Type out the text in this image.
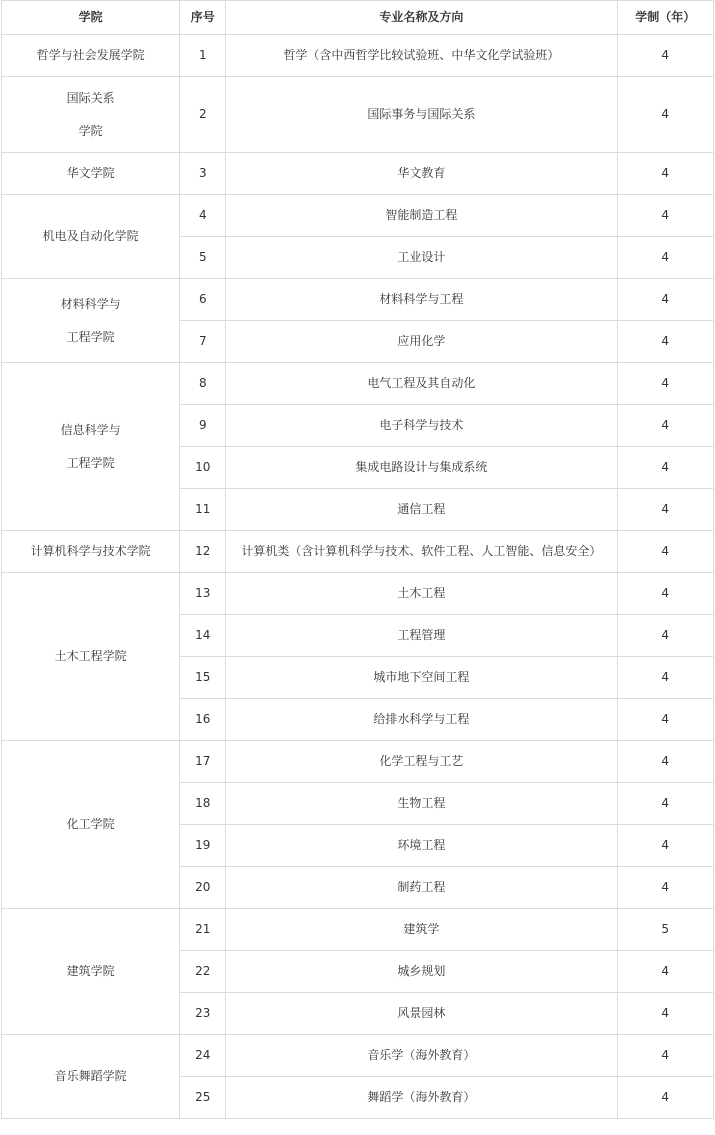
学院	序号	专业名称及方向	学制（年）

哲学与社会发展学院	1	哲学（含中西哲学比较试验班、中华文化学试验班）	4

国际关系
学院	2	国际事务与国际关系	4

华文学院	3	华文教育	4

机电及自动化学院	4	智能制造工程	4
	5	工业设计	4

材料科学与
工程学院	6	材料科学与工程	4
	7	应用化学	4

信息科学与
工程学院	8	电气工程及其自动化	4
	9	电子科学与技术	4
	10	集成电路设计与集成系统	4
	11	通信工程	4

计算机科学与技术学院	12	计算机类（含计算机科学与技术、软件工程、人工智能、信息安全）	4

土木工程学院	13	土木工程	4
	14	工程管理	4
	15	城市地下空间工程	4
	16	给排水科学与工程	4

化工学院	17	化学工程与工艺	4
	18	生物工程	4
	19	环境工程	4
	20	制药工程	4

建筑学院	21	建筑学	5
	22	城乡规划	4
	23	风景园林	4

音乐舞蹈学院	24	音乐学（海外教育）	4
	25	舞蹈学（海外教育）	4
